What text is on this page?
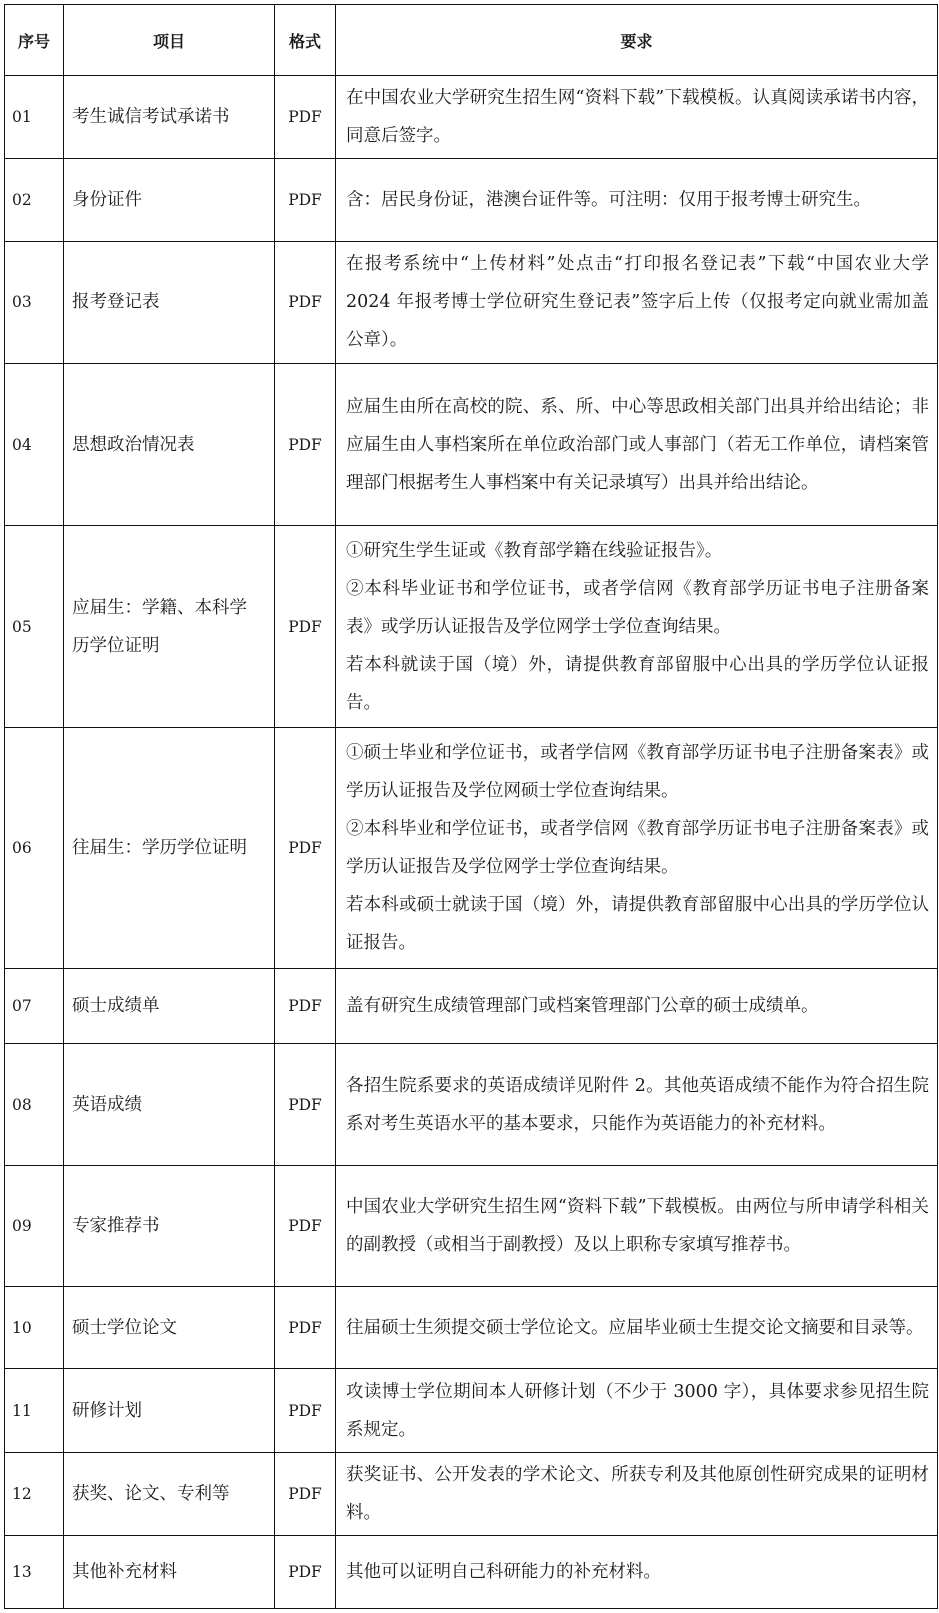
序号	项目	格式	要求
01	考生诚信考试承诺书	PDF	在中国农业大学研究生招生网“资料下载”下载模板。认真阅读承诺书内容，同意后签字。

02	身份证件	PDF	含：居民身份证，港澳台证件等。可注明：仅用于报考博士研究生。

03	报考登记表	PDF	在报考系统中“上传材料”处点击“打印报名登记表”下载“中国农业大学 2024 年报考博士学位研究生登记表”签字后上传（仅报考定向就业需加盖公章）。

04	思想政治情况表	PDF	应届生由所在高校的院、系、所、中心等思政相关部门出具并给出结论；非应届生由人事档案所在单位政治部门或人事部门（若无工作单位，请档案管理部门根据考生人事档案中有关记录填写）出具并给出结论。

05	应届生：学籍、本科学
历学位证明	PDF	①研究生学生证或《教育部学籍在线验证报告》。
②本科毕业证书和学位证书，或者学信网《教育部学历证书电子注册备案表》或学历认证报告及学位网学士学位查询结果。
若本科就读于国（境）外，请提供教育部留服中心出具的学历学位认证报告。

06	往届生：学历学位证明	PDF	①硕士毕业和学位证书，或者学信网《教育部学历证书电子注册备案表》或学历认证报告及学位网硕士学位查询结果。
②本科毕业和学位证书，或者学信网《教育部学历证书电子注册备案表》或学历认证报告及学位网学士学位查询结果。
若本科或硕士就读于国（境）外，请提供教育部留服中心出具的学历学位认证报告。

07	硕士成绩单	PDF	盖有研究生成绩管理部门或档案管理部门公章的硕士成绩单。

08	英语成绩	PDF	各招生院系要求的英语成绩详见附件 2。其他英语成绩不能作为符合招生院系对考生英语水平的基本要求，只能作为英语能力的补充材料。

09	专家推荐书	PDF	中国农业大学研究生招生网“资料下载”下载模板。由两位与所申请学科相关的副教授（或相当于副教授）及以上职称专家填写推荐书。

10	硕士学位论文	PDF	往届硕士生须提交硕士学位论文。应届毕业硕士生提交论文摘要和目录等。

11	研修计划	PDF	攻读博士学位期间本人研修计划（不少于 3000 字），具体要求参见招生院系规定。

12	获奖、论文、专利等	PDF	获奖证书、公开发表的学术论文、所获专利及其他原创性研究成果的证明材料。

13	其他补充材料	PDF	其他可以证明自己科研能力的补充材料。
